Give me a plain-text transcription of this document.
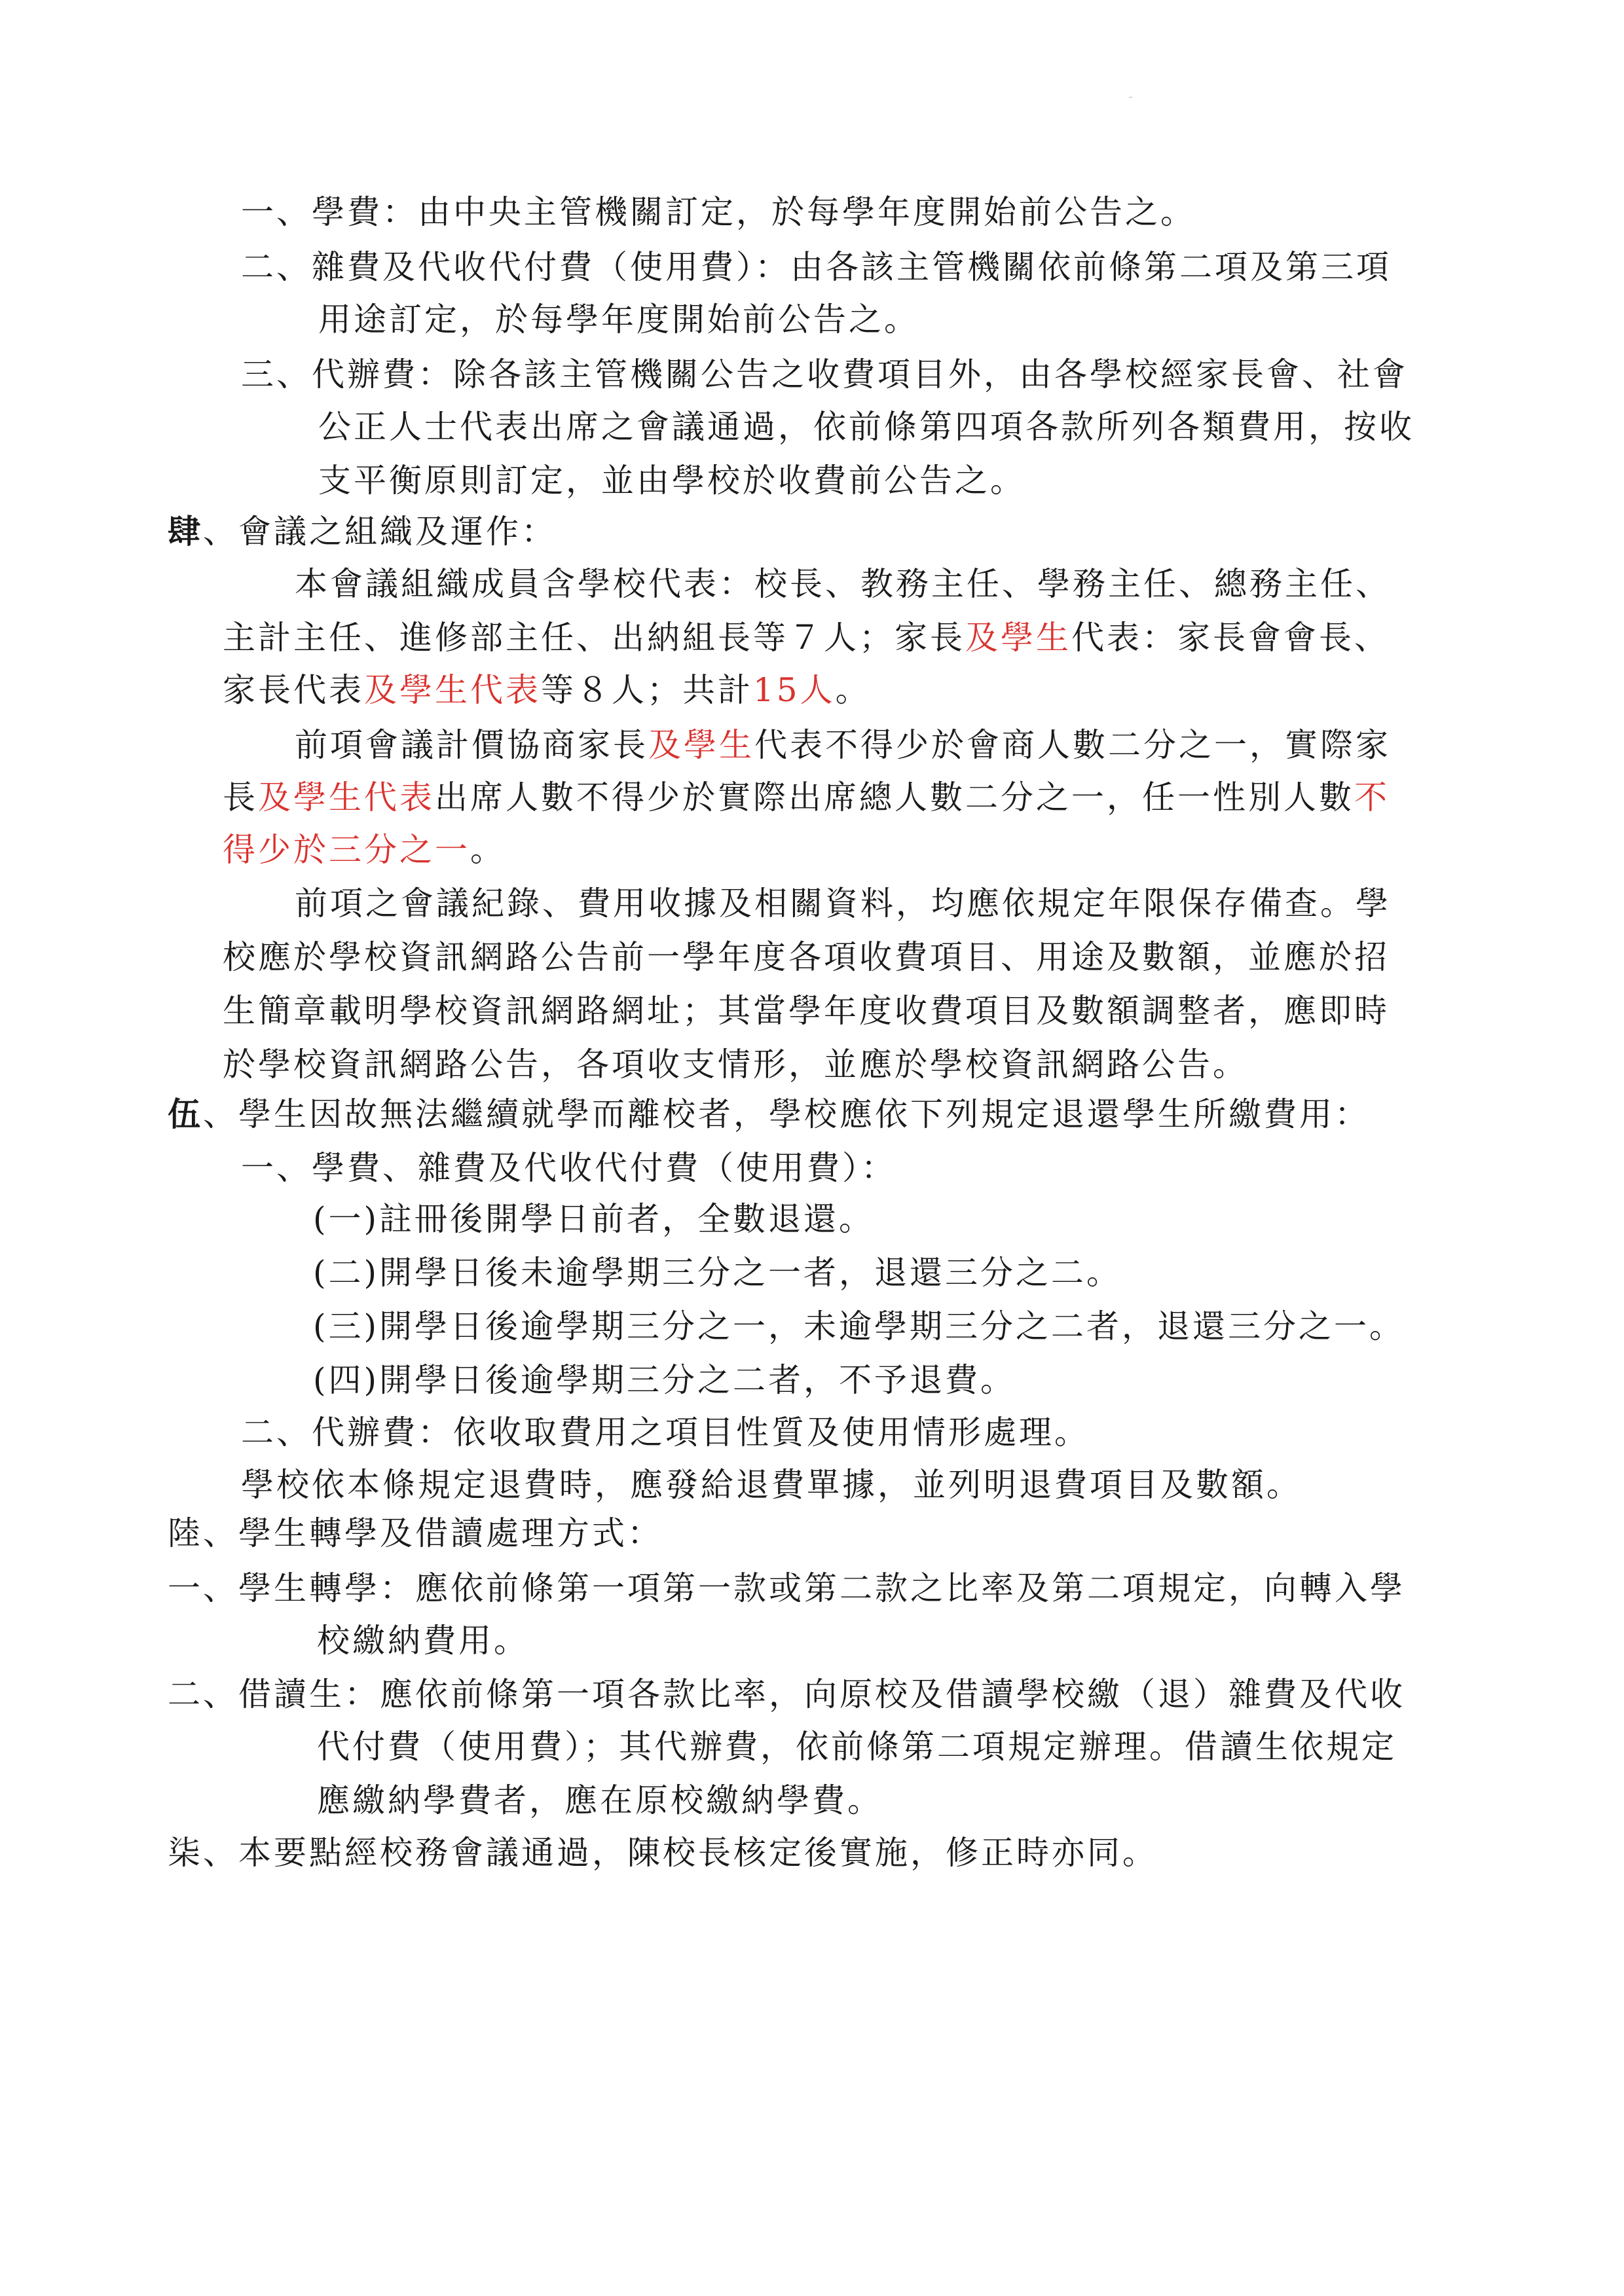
一、學費：由中央主管機關訂定，於每學年度開始前公告之。
二、雜費及代收代付費（使用費）：由各該主管機關依前條第二項及第三項
用途訂定，於每學年度開始前公告之。
三、代辦費：除各該主管機關公告之收費項目外，由各學校經家長會、社會
公正人士代表出席之會議通過，依前條第四項各款所列各類費用，按收
支平衡原則訂定，並由學校於收費前公告之。
肆、會議之組織及運作：
本會議組織成員含學校代表：校長、教務主任、學務主任、總務主任、
主計主任、進修部主任、出納組長等７人；家長及學生代表：家長會會長、
家長代表及學生代表等８人；共計15人。
前項會議計價協商家長及學生代表不得少於會商人數二分之一，實際家
長及學生代表出席人數不得少於實際出席總人數二分之一，任一性別人數不
得少於三分之一。
前項之會議紀錄、費用收據及相關資料，均應依規定年限保存備查。學
校應於學校資訊網路公告前一學年度各項收費項目、用途及數額，並應於招
生簡章載明學校資訊網路網址；其當學年度收費項目及數額調整者，應即時
於學校資訊網路公告，各項收支情形，並應於學校資訊網路公告。
伍、學生因故無法繼續就學而離校者，學校應依下列規定退還學生所繳費用：
一、學費、雜費及代收代付費（使用費）：
(一)註冊後開學日前者，全數退還。
(二)開學日後未逾學期三分之一者，退還三分之二。
(三)開學日後逾學期三分之一，未逾學期三分之二者，退還三分之一。
(四)開學日後逾學期三分之二者，不予退費。
二、代辦費：依收取費用之項目性質及使用情形處理。
學校依本條規定退費時，應發給退費單據，並列明退費項目及數額。
陸、學生轉學及借讀處理方式：
一、學生轉學：應依前條第一項第一款或第二款之比率及第二項規定，向轉入學
校繳納費用。
二、借讀生：應依前條第一項各款比率，向原校及借讀學校繳（退）雜費及代收
代付費（使用費）；其代辦費，依前條第二項規定辦理。借讀生依規定
應繳納學費者，應在原校繳納學費。
柒、本要點經校務會議通過，陳校長核定後實施，修正時亦同。
